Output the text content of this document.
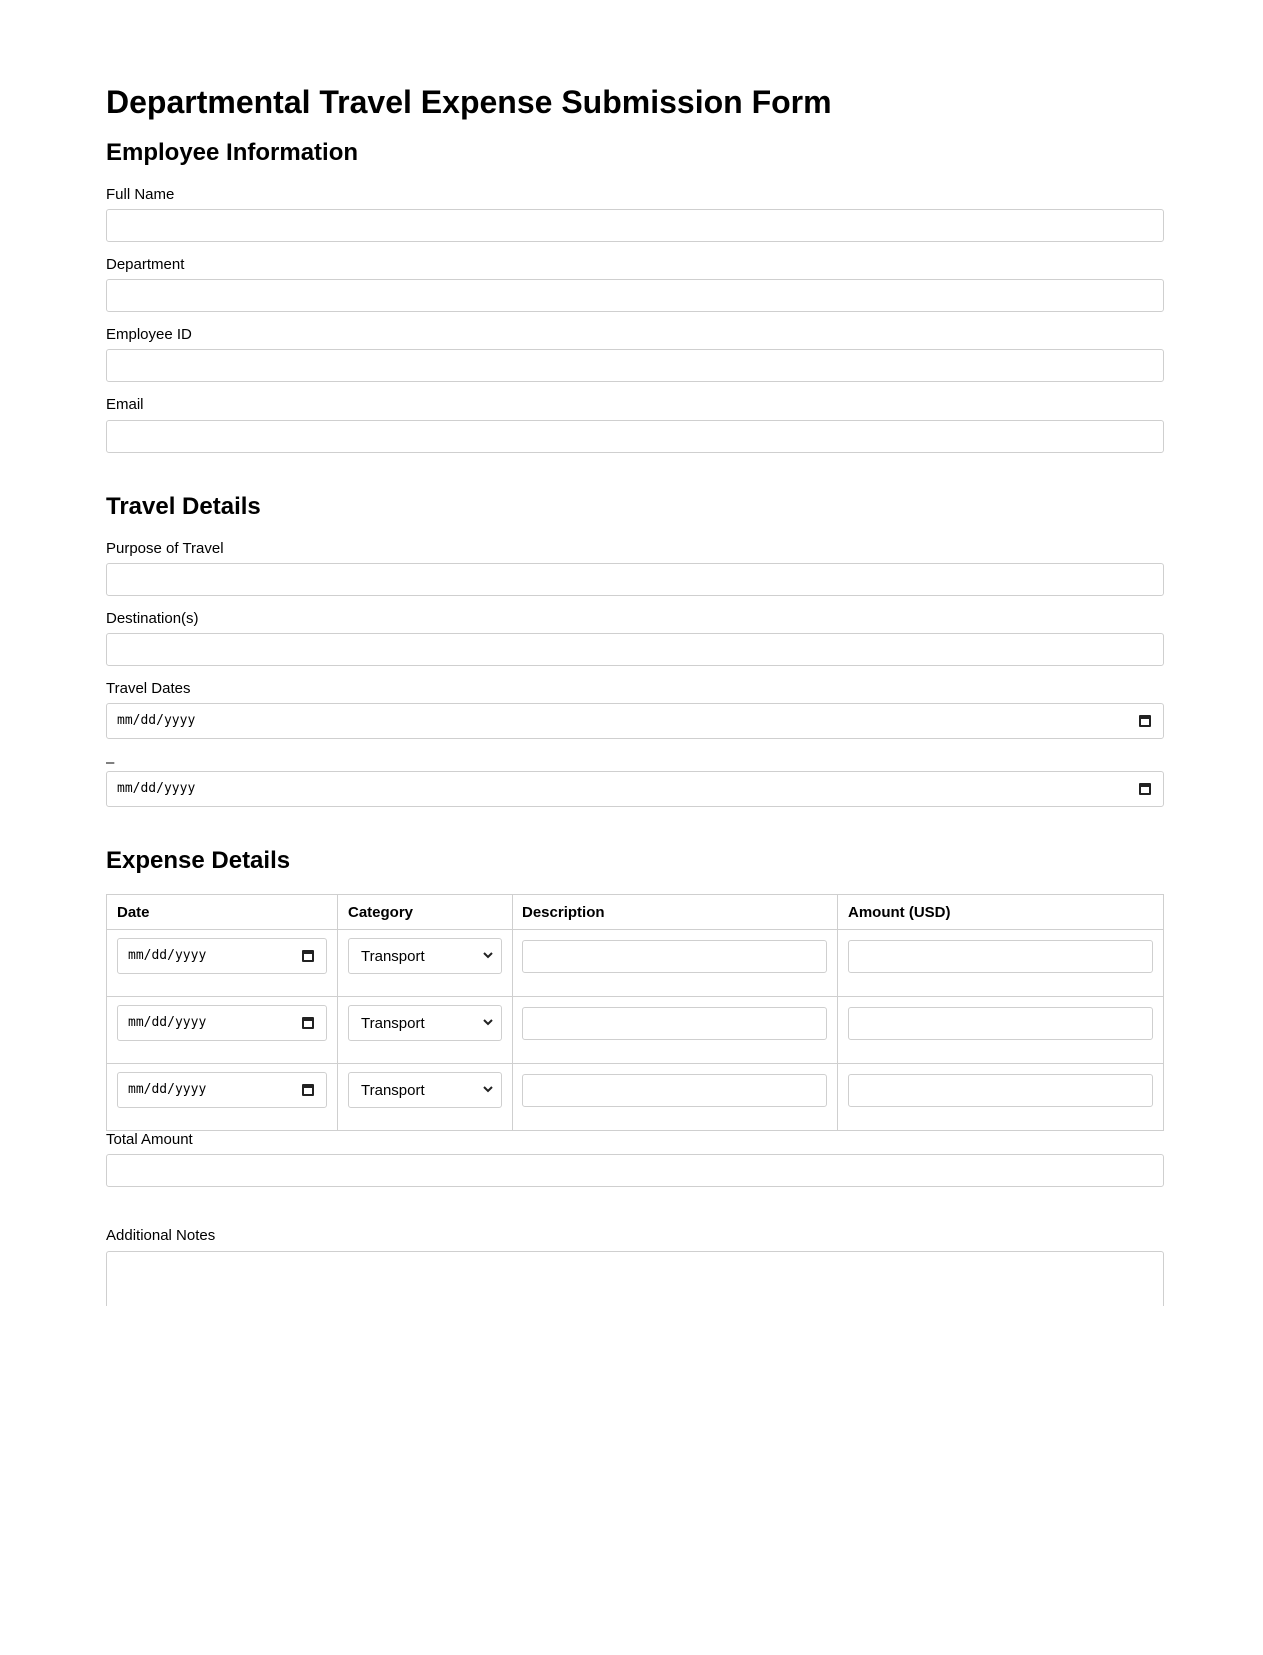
Departmental Travel Expense Submission Form
Employee Information
Full Name
Department
Employee ID
Email
Travel Details
Purpose of Travel
Destination(s)
Travel Dates
mm/dd/yyyy
–
mm/dd/yyyy
Expense Details
Date	Category	Description	Amount (USD)
mm/dd/yyyy	Transport
mm/dd/yyyy	Transport
mm/dd/yyyy	Transport
Total Amount
Additional Notes
